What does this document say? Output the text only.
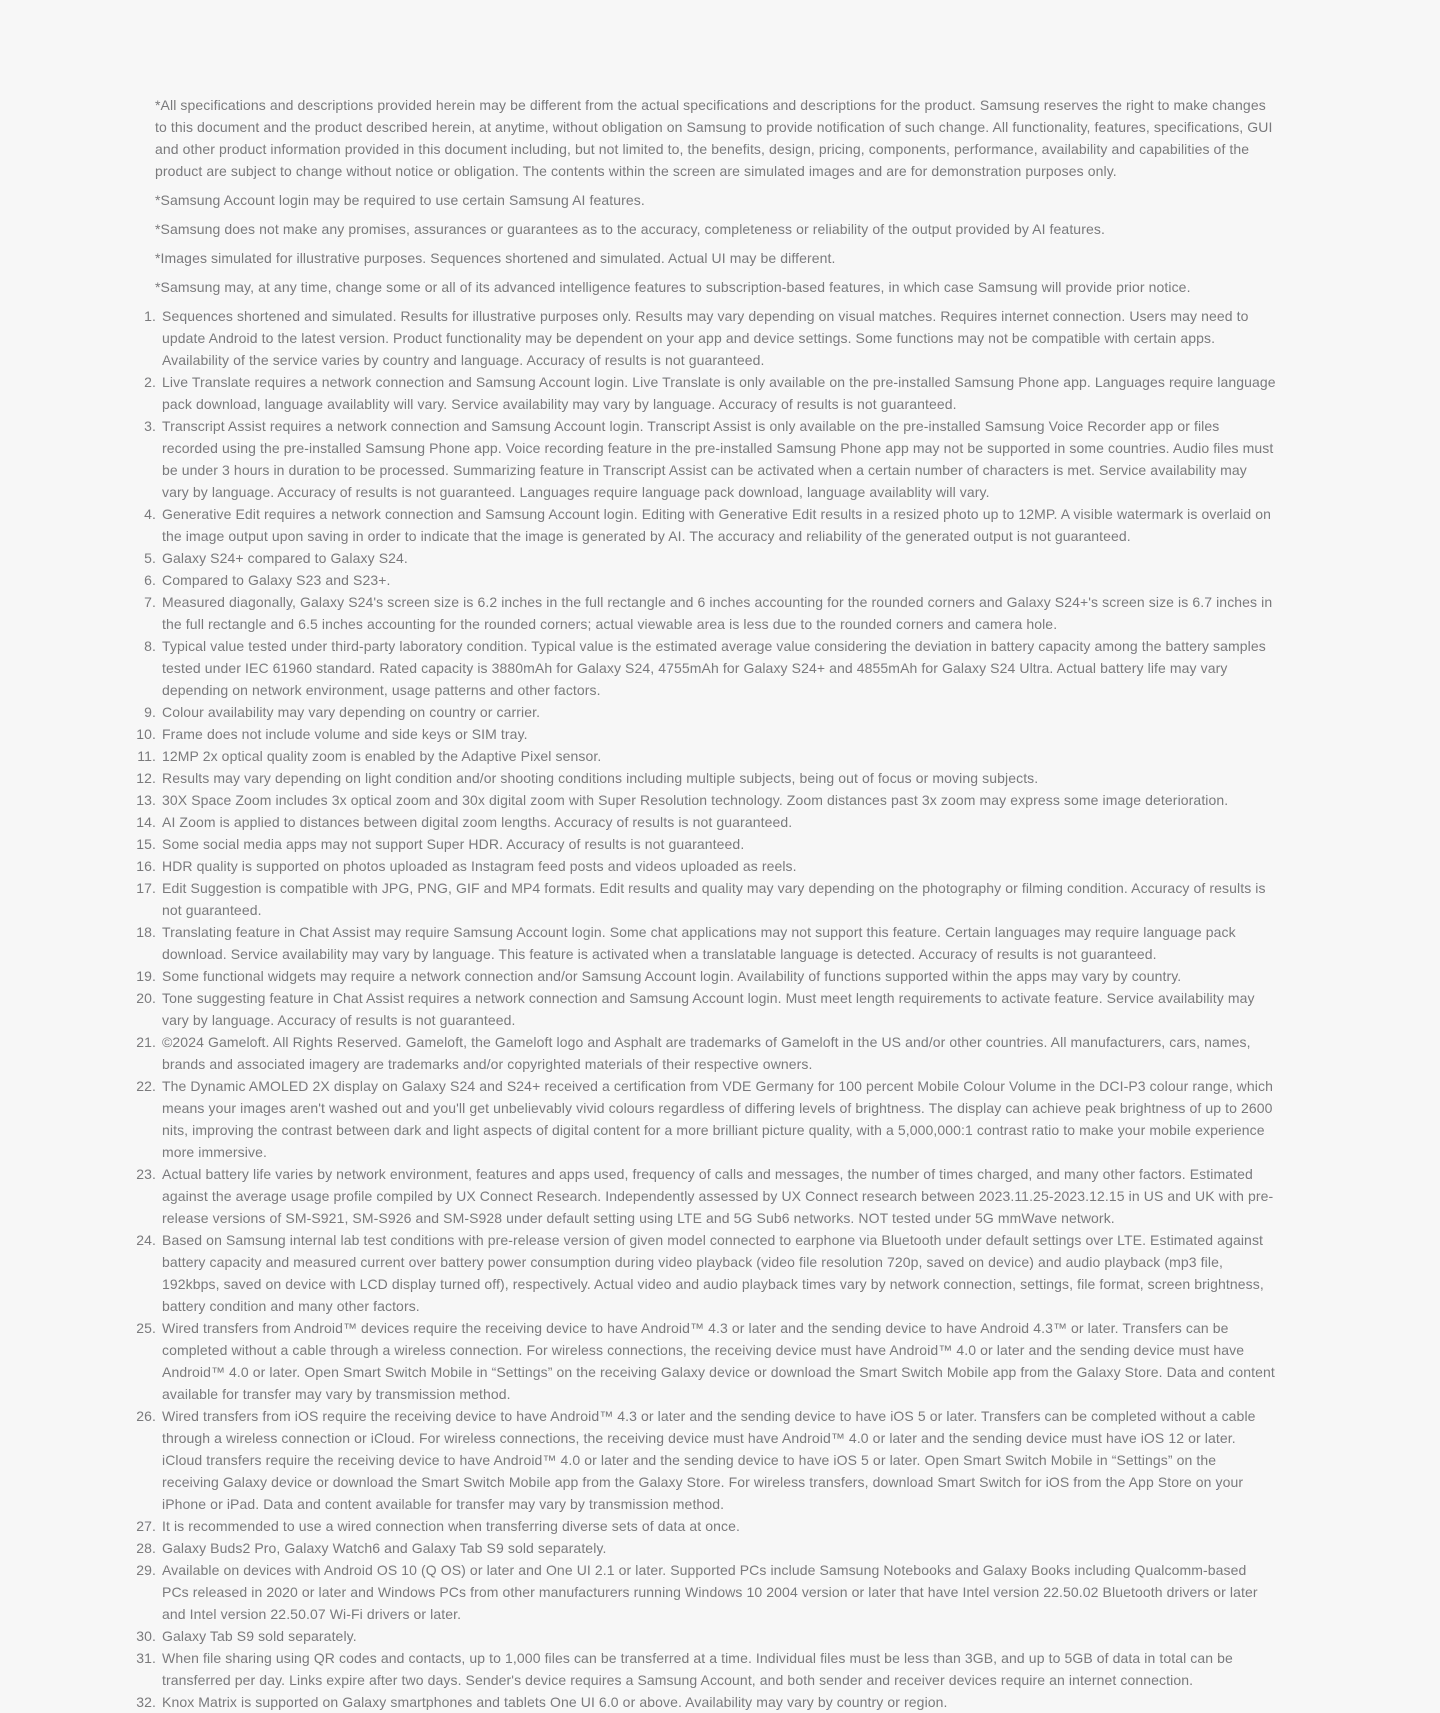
*All specifications and descriptions provided herein may be different from the actual specifications and descriptions for the product. Samsung reserves the right to make changes to this document and the product described herein, at anytime, without obligation on Samsung to provide notification of such change. All functionality, features, specifications, GUI and other product information provided in this document including, but not limited to, the benefits, design, pricing, components, performance, availability and capabilities of the product are subject to change without notice or obligation. The contents within the screen are simulated images and are for demonstration purposes only.

*Samsung Account login may be required to use certain Samsung AI features.

*Samsung does not make any promises, assurances or guarantees as to the accuracy, completeness or reliability of the output provided by AI features.

*Images simulated for illustrative purposes. Sequences shortened and simulated. Actual UI may be different.

*Samsung may, at any time, change some or all of its advanced intelligence features to subscription-based features, in which case Samsung will provide prior notice.

1. Sequences shortened and simulated. Results for illustrative purposes only. Results may vary depending on visual matches. Requires internet connection. Users may need to update Android to the latest version. Product functionality may be dependent on your app and device settings. Some functions may not be compatible with certain apps. Availability of the service varies by country and language. Accuracy of results is not guaranteed.
2. Live Translate requires a network connection and Samsung Account login. Live Translate is only available on the pre-installed Samsung Phone app. Languages require language pack download, language availablity will vary. Service availability may vary by language. Accuracy of results is not guaranteed.
3. Transcript Assist requires a network connection and Samsung Account login. Transcript Assist is only available on the pre-installed Samsung Voice Recorder app or files recorded using the pre-installed Samsung Phone app. Voice recording feature in the pre-installed Samsung Phone app may not be supported in some countries. Audio files must be under 3 hours in duration to be processed. Summarizing feature in Transcript Assist can be activated when a certain number of characters is met. Service availability may vary by language. Accuracy of results is not guaranteed. Languages require language pack download, language availablity will vary.
4. Generative Edit requires a network connection and Samsung Account login. Editing with Generative Edit results in a resized photo up to 12MP. A visible watermark is overlaid on the image output upon saving in order to indicate that the image is generated by AI. The accuracy and reliability of the generated output is not guaranteed.
5. Galaxy S24+ compared to Galaxy S24.
6. Compared to Galaxy S23 and S23+.
7. Measured diagonally, Galaxy S24's screen size is 6.2 inches in the full rectangle and 6 inches accounting for the rounded corners and Galaxy S24+'s screen size is 6.7 inches in the full rectangle and 6.5 inches accounting for the rounded corners; actual viewable area is less due to the rounded corners and camera hole.
8. Typical value tested under third-party laboratory condition. Typical value is the estimated average value considering the deviation in battery capacity among the battery samples tested under IEC 61960 standard. Rated capacity is 3880mAh for Galaxy S24, 4755mAh for Galaxy S24+ and 4855mAh for Galaxy S24 Ultra. Actual battery life may vary depending on network environment, usage patterns and other factors.
9. Colour availability may vary depending on country or carrier.
10. Frame does not include volume and side keys or SIM tray.
11. 12MP 2x optical quality zoom is enabled by the Adaptive Pixel sensor.
12. Results may vary depending on light condition and/or shooting conditions including multiple subjects, being out of focus or moving subjects.
13. 30X Space Zoom includes 3x optical zoom and 30x digital zoom with Super Resolution technology. Zoom distances past 3x zoom may express some image deterioration.
14. AI Zoom is applied to distances between digital zoom lengths. Accuracy of results is not guaranteed.
15. Some social media apps may not support Super HDR. Accuracy of results is not guaranteed.
16. HDR quality is supported on photos uploaded as Instagram feed posts and videos uploaded as reels.
17. Edit Suggestion is compatible with JPG, PNG, GIF and MP4 formats. Edit results and quality may vary depending on the photography or filming condition. Accuracy of results is not guaranteed.
18. Translating feature in Chat Assist may require Samsung Account login. Some chat applications may not support this feature. Certain languages may require language pack download. Service availability may vary by language. This feature is activated when a translatable language is detected. Accuracy of results is not guaranteed.
19. Some functional widgets may require a network connection and/or Samsung Account login. Availability of functions supported within the apps may vary by country.
20. Tone suggesting feature in Chat Assist requires a network connection and Samsung Account login. Must meet length requirements to activate feature. Service availability may vary by language. Accuracy of results is not guaranteed.
21. ©2024 Gameloft. All Rights Reserved. Gameloft, the Gameloft logo and Asphalt are trademarks of Gameloft in the US and/or other countries. All manufacturers, cars, names, brands and associated imagery are trademarks and/or copyrighted materials of their respective owners.
22. The Dynamic AMOLED 2X display on Galaxy S24 and S24+ received a certification from VDE Germany for 100 percent Mobile Colour Volume in the DCI-P3 colour range, which means your images aren't washed out and you'll get unbelievably vivid colours regardless of differing levels of brightness. The display can achieve peak brightness of up to 2600 nits, improving the contrast between dark and light aspects of digital content for a more brilliant picture quality, with a 5,000,000:1 contrast ratio to make your mobile experience more immersive.
23. Actual battery life varies by network environment, features and apps used, frequency of calls and messages, the number of times charged, and many other factors. Estimated against the average usage profile compiled by UX Connect Research. Independently assessed by UX Connect research between 2023.11.25-2023.12.15 in US and UK with pre-release versions of SM-S921, SM-S926 and SM-S928 under default setting using LTE and 5G Sub6 networks. NOT tested under 5G mmWave network.
24. Based on Samsung internal lab test conditions with pre-release version of given model connected to earphone via Bluetooth under default settings over LTE. Estimated against battery capacity and measured current over battery power consumption during video playback (video file resolution 720p, saved on device) and audio playback (mp3 file, 192kbps, saved on device with LCD display turned off), respectively. Actual video and audio playback times vary by network connection, settings, file format, screen brightness, battery condition and many other factors.
25. Wired transfers from Android™ devices require the receiving device to have Android™ 4.3 or later and the sending device to have Android 4.3™ or later. Transfers can be completed without a cable through a wireless connection. For wireless connections, the receiving device must have Android™ 4.0 or later and the sending device must have Android™ 4.0 or later. Open Smart Switch Mobile in “Settings” on the receiving Galaxy device or download the Smart Switch Mobile app from the Galaxy Store. Data and content available for transfer may vary by transmission method.
26. Wired transfers from iOS require the receiving device to have Android™ 4.3 or later and the sending device to have iOS 5 or later. Transfers can be completed without a cable through a wireless connection or iCloud. For wireless connections, the receiving device must have Android™ 4.0 or later and the sending device must have iOS 12 or later. iCloud transfers require the receiving device to have Android™ 4.0 or later and the sending device to have iOS 5 or later. Open Smart Switch Mobile in “Settings” on the receiving Galaxy device or download the Smart Switch Mobile app from the Galaxy Store. For wireless transfers, download Smart Switch for iOS from the App Store on your iPhone or iPad. Data and content available for transfer may vary by transmission method.
27. It is recommended to use a wired connection when transferring diverse sets of data at once.
28. Galaxy Buds2 Pro, Galaxy Watch6 and Galaxy Tab S9 sold separately.
29. Available on devices with Android OS 10 (Q OS) or later and One UI 2.1 or later. Supported PCs include Samsung Notebooks and Galaxy Books including Qualcomm-based PCs released in 2020 or later and Windows PCs from other manufacturers running Windows 10 2004 version or later that have Intel version 22.50.02 Bluetooth drivers or later and Intel version 22.50.07 Wi-Fi drivers or later.
30. Galaxy Tab S9 sold separately.
31. When file sharing using QR codes and contacts, up to 1,000 files can be transferred at a time. Individual files must be less than 3GB, and up to 5GB of data in total can be transferred per day. Links expire after two days. Sender's device requires a Samsung Account, and both sender and receiver devices require an internet connection.
32. Knox Matrix is supported on Galaxy smartphones and tablets One UI 6.0 or above. Availability may vary by country or region.
